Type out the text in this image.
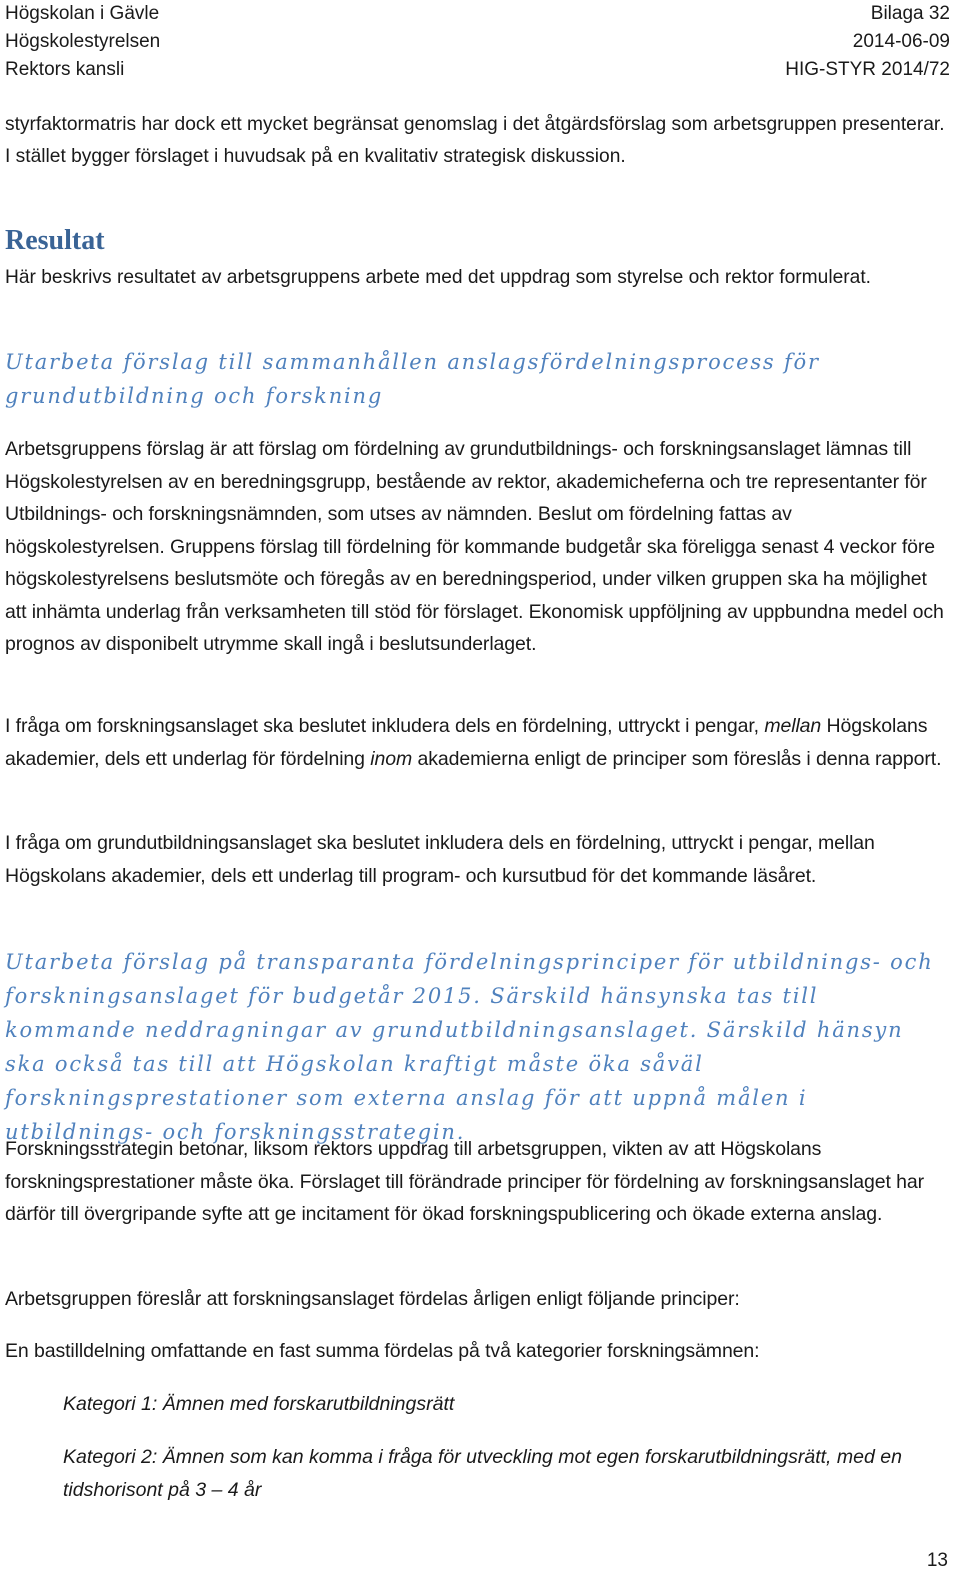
Högskolan i Gävle	Bilaga 32
Högskolestyrelsen	2014-06-09
Rektors kansli	HIG-STYR 2014/72

styrfaktormatris har dock ett mycket begränsat genomslag i det åtgärdsförslag som arbetsgruppen presenterar. I stället bygger förslaget i huvudsak på en kvalitativ strategisk diskussion.

Resultat

Här beskrivs resultatet av arbetsgruppens arbete med det uppdrag som styrelse och rektor formulerat.

Utarbeta förslag till sammanhållen anslagsfördelningsprocess för grundutbildning och forskning

Arbetsgruppens förslag är att förslag om fördelning av grundutbildnings- och forskningsanslaget lämnas till Högskolestyrelsen av en beredningsgrupp, bestående av rektor, akademicheferna och tre representanter för Utbildnings- och forskningsnämnden, som utses av nämnden. Beslut om fördelning fattas av högskolestyrelsen. Gruppens förslag till fördelning för kommande budgetår ska föreligga senast 4 veckor före högskolestyrelsens beslutsmöte och föregås av en beredningsperiod, under vilken gruppen ska ha möjlighet att inhämta underlag från verksamheten till stöd för förslaget. Ekonomisk uppföljning av uppbundna medel och prognos av disponibelt utrymme skall ingå i beslutsunderlaget.

I fråga om forskningsanslaget ska beslutet inkludera dels en fördelning, uttryckt i pengar, mellan Högskolans akademier, dels ett underlag för fördelning inom akademierna enligt de principer som föreslås i denna rapport.

I fråga om grundutbildningsanslaget ska beslutet inkludera dels en fördelning, uttryckt i pengar, mellan Högskolans akademier, dels ett underlag till program- och kursutbud för det kommande läsåret.

Utarbeta förslag på transparanta fördelningsprinciper för utbildnings- och forskningsanslaget för budgetår 2015. Särskild hänsynska tas till kommande neddragningar av grundutbildningsanslaget. Särskild hänsyn ska också tas till att Högskolan kraftigt måste öka såväl forskningsprestationer som externa anslag för att uppnå målen i utbildnings- och forskningsstrategin.

Forskningsstrategin betonar, liksom rektors uppdrag till arbetsgruppen, vikten av att Högskolans forskningsprestationer måste öka. Förslaget till förändrade principer för fördelning av forskningsanslaget har därför till övergripande syfte att ge incitament för ökad forskningspublicering och ökade externa anslag.

Arbetsgruppen föreslår att forskningsanslaget fördelas årligen enligt följande principer:

En bastilldelning omfattande en fast summa fördelas på två kategorier forskningsämnen:

Kategori 1: Ämnen med forskarutbildningsrätt

Kategori 2: Ämnen som kan komma i fråga för utveckling mot egen forskarutbildningsrätt, med en tidshorisont på 3 – 4 år

13
